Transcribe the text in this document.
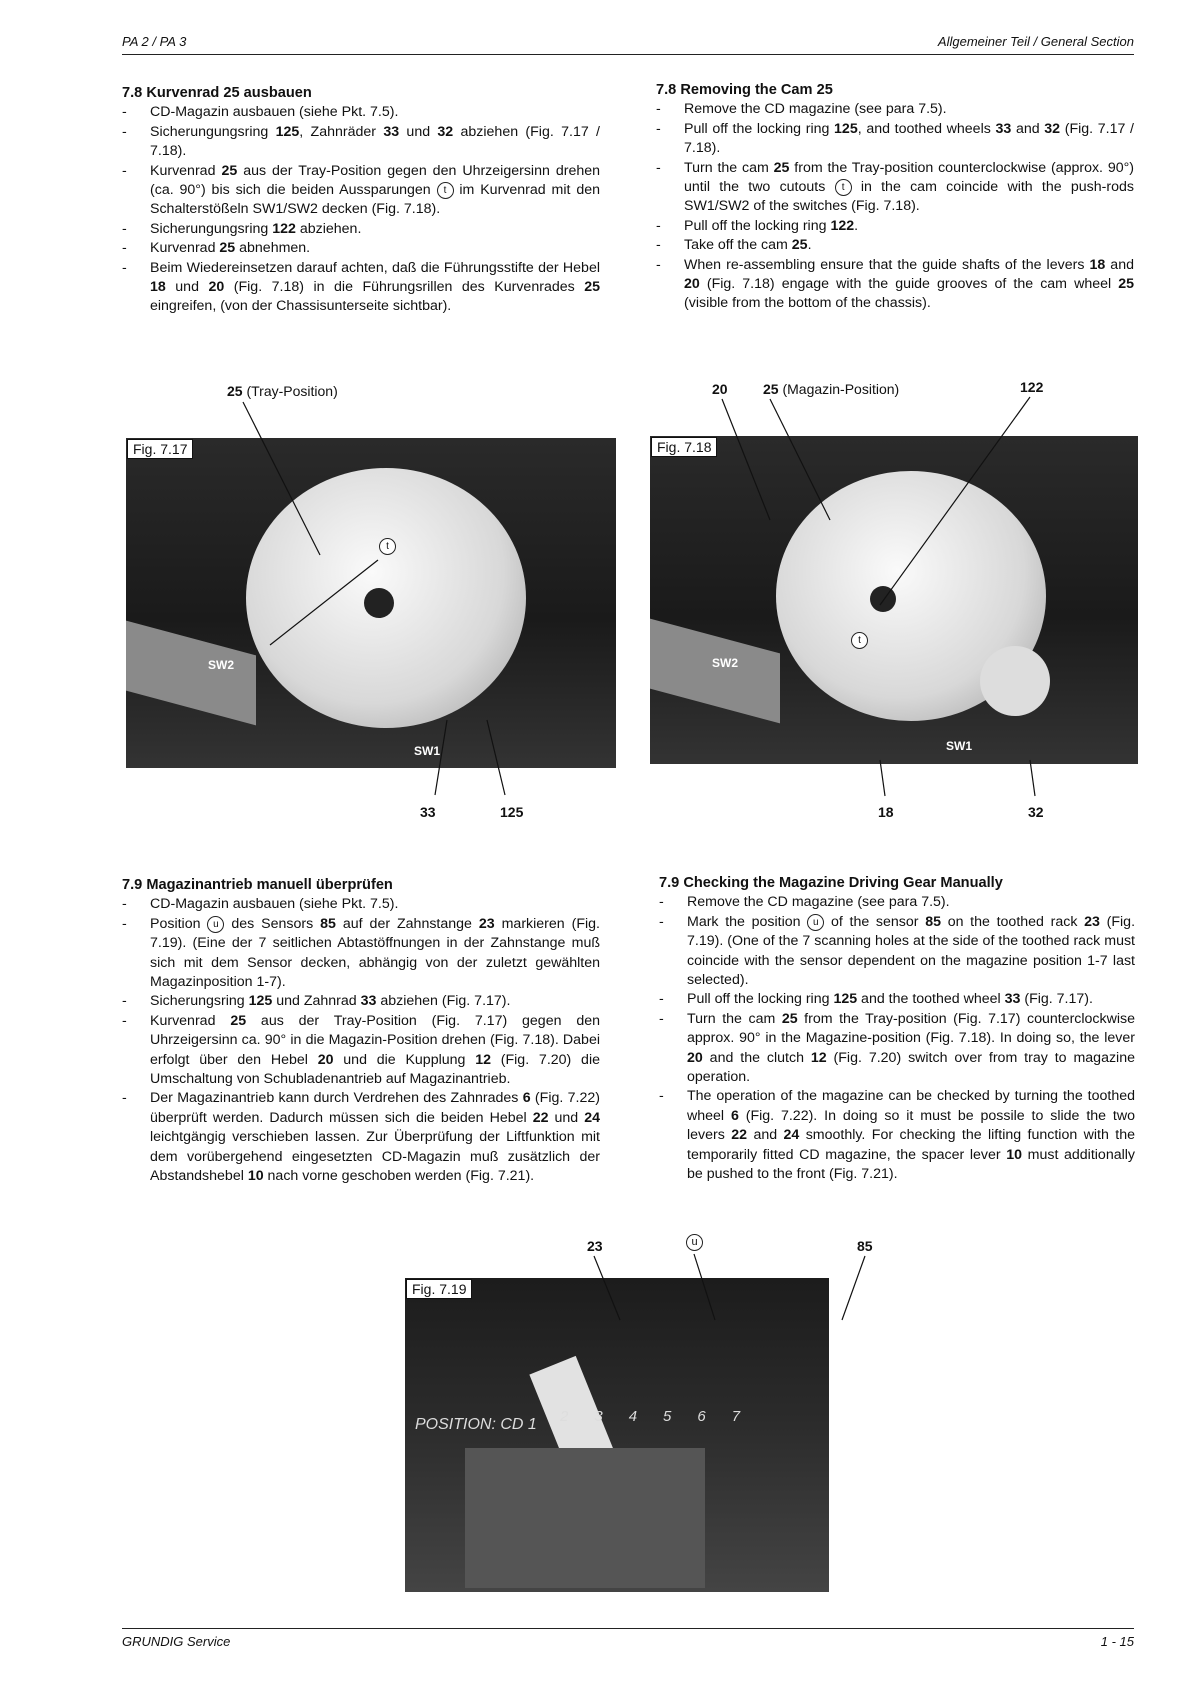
PA 2 / PA 3	Allgemeiner Teil / General Section
7.8 Kurvenrad 25 ausbauen
- CD-Magazin ausbauen (siehe Pkt. 7.5).
- Sicherungungsring 125, Zahnräder 33 und 32 abziehen (Fig. 7.17 / 7.18).
- Kurvenrad 25 aus der Tray-Position gegen den Uhrzeigersinn drehen (ca. 90°) bis sich die beiden Aussparungen t im Kurvenrad mit den Schalterstößeln SW1/SW2 decken (Fig. 7.18).
- Sicherungungsring 122 abziehen.
- Kurvenrad 25 abnehmen.
- Beim Wiedereinsetzen darauf achten, daß die Führungsstifte der Hebel 18 und 20 (Fig. 7.18) in die Führungsrillen des Kurvenrades 25 eingreifen, (von der Chassisunterseite sichtbar).
7.8 Removing the Cam 25
- Remove the CD magazine (see para 7.5).
- Pull off the locking ring 125, and toothed wheels 33 and 32 (Fig. 7.17 / 7.18).
- Turn the cam 25 from the Tray-position counterclockwise (approx. 90°) until the two cutouts t in the cam coincide with the push-rods SW1/SW2 of the switches (Fig. 7.18).
- Pull off the locking ring 122.
- Take off the cam 25.
- When re-assembling ensure that the guide shafts of the levers 18 and 20 (Fig. 7.18) engage with the guide grooves of the cam wheel 25 (visible from the bottom of the chassis).
25 (Tray-Position)
Fig. 7.17
t
SW2
SW1
33	125
20	25 (Magazin-Position)	122
Fig. 7.18
t
SW2
SW1
18	32
7.9 Magazinantrieb manuell überprüfen
- CD-Magazin ausbauen (siehe Pkt. 7.5).
- Position u des Sensors 85 auf der Zahnstange 23 markieren (Fig. 7.19). (Eine der 7 seitlichen Abtastöffnungen in der Zahnstange muß sich mit dem Sensor decken, abhängig von der zuletzt gewählten Magazinposition 1-7).
- Sicherungsring 125 und Zahnrad 33 abziehen (Fig. 7.17).
- Kurvenrad 25 aus der Tray-Position (Fig. 7.17) gegen den Uhrzeigersinn ca. 90° in die Magazin-Position drehen (Fig. 7.18). Dabei erfolgt über den Hebel 20 und die Kupplung 12 (Fig. 7.20) die Umschaltung von Schubladenantrieb auf Magazinantrieb.
- Der Magazinantrieb kann durch Verdrehen des Zahnrades 6 (Fig. 7.22) überprüft werden. Dadurch müssen sich die beiden Hebel 22 und 24 leichtgängig verschieben lassen. Zur Überprüfung der Liftfunktion mit dem vorübergehend eingesetzten CD-Magazin muß zusätzlich der Abstandshebel 10 nach vorne geschoben werden (Fig. 7.21).
7.9 Checking the Magazine Driving Gear Manually
- Remove the CD magazine (see para 7.5).
- Mark the position u of the sensor 85 on the toothed rack 23 (Fig. 7.19). (One of the 7 scanning holes at the side of the toothed rack must coincide with the sensor dependent on the magazine position 1-7 last selected).
- Pull off the locking ring 125 and the toothed wheel 33 (Fig. 7.17).
- Turn the cam 25 from the Tray-position (Fig. 7.17) counterclockwise approx. 90° in the Magazine-position (Fig. 7.18). In doing so, the lever 20 and the clutch 12 (Fig. 7.20) switch over from tray to magazine operation.
- The operation of the magazine can be checked by turning the toothed wheel 6 (Fig. 7.22). In doing so it must be possile to slide the two levers 22 and 24 smoothly. For checking the lifting function with the temporarily fitted CD magazine, the spacer lever 10 must additionally be pushed to the front (Fig. 7.21).
23	u	85
Fig. 7.19
POSITION: CD 1 2 3 4 5 6 7
GRUNDIG Service	1 - 15
